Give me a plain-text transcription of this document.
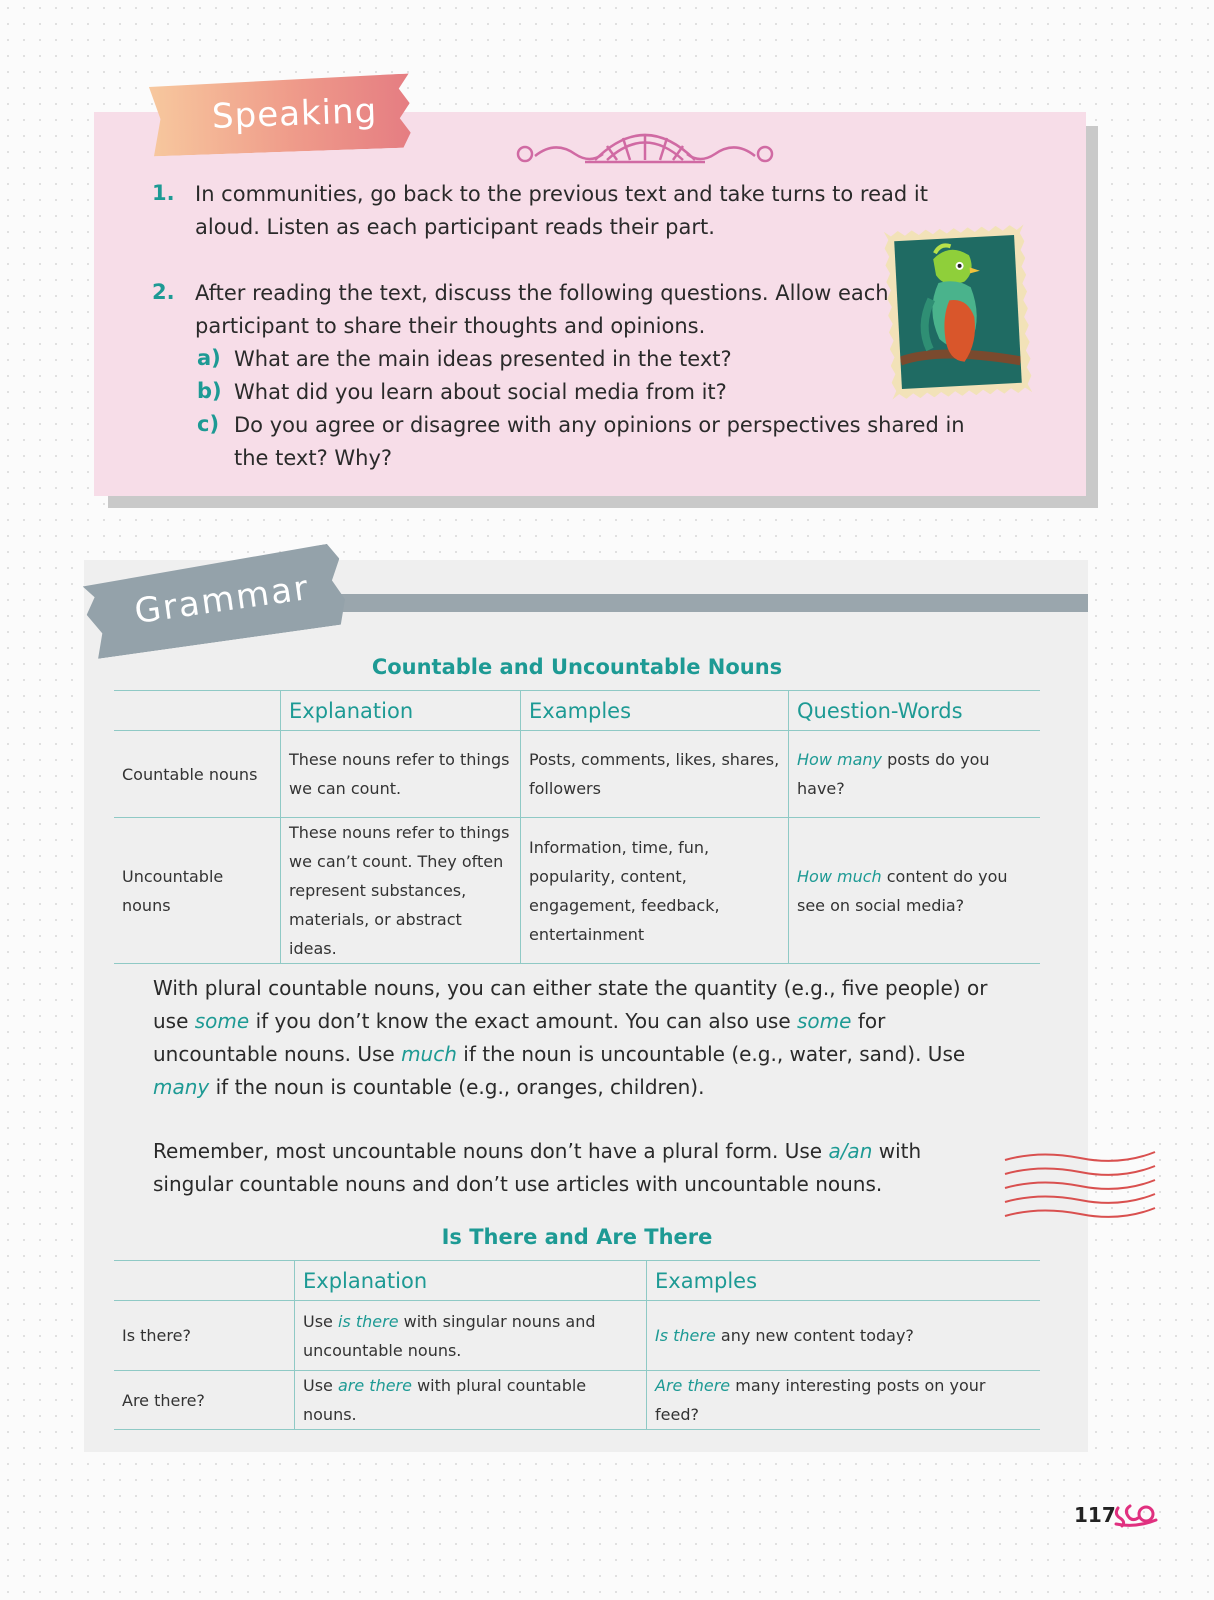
Speaking
1. In communities, go back to the previous text and take turns to read it
aloud. Listen as each participant reads their part.
2. After reading the text, discuss the following questions. Allow each
participant to share their thoughts and opinions.
a) What are the main ideas presented in the text?
b) What did you learn about social media from it?
c) Do you agree or disagree with any opinions or perspectives shared in
the text? Why?
Grammar
Countable and Uncountable Nouns
	Explanation	Examples	Question-Words
Countable nouns	These nouns refer to things we can count.	Posts, comments, likes, shares, followers	How many posts do you have?
Uncountable nouns	These nouns refer to things we can’t count. They often represent substances, materials, or abstract ideas.	Information, time, fun, popularity, content, engagement, feedback, entertainment	How much content do you see on social media?
With plural countable nouns, you can either state the quantity (e.g., five people) or use some if you don’t know the exact amount. You can also use some for uncountable nouns. Use much if the noun is uncountable (e.g., water, sand). Use many if the noun is countable (e.g., oranges, children).
Remember, most uncountable nouns don’t have a plural form. Use a/an with singular countable nouns and don’t use articles with uncountable nouns.
Is There and Are There
	Explanation	Examples
Is there?	Use is there with singular nouns and uncountable nouns.	Is there any new content today?
Are there?	Use are there with plural countable nouns.	Are there many interesting posts on your feed?
117
